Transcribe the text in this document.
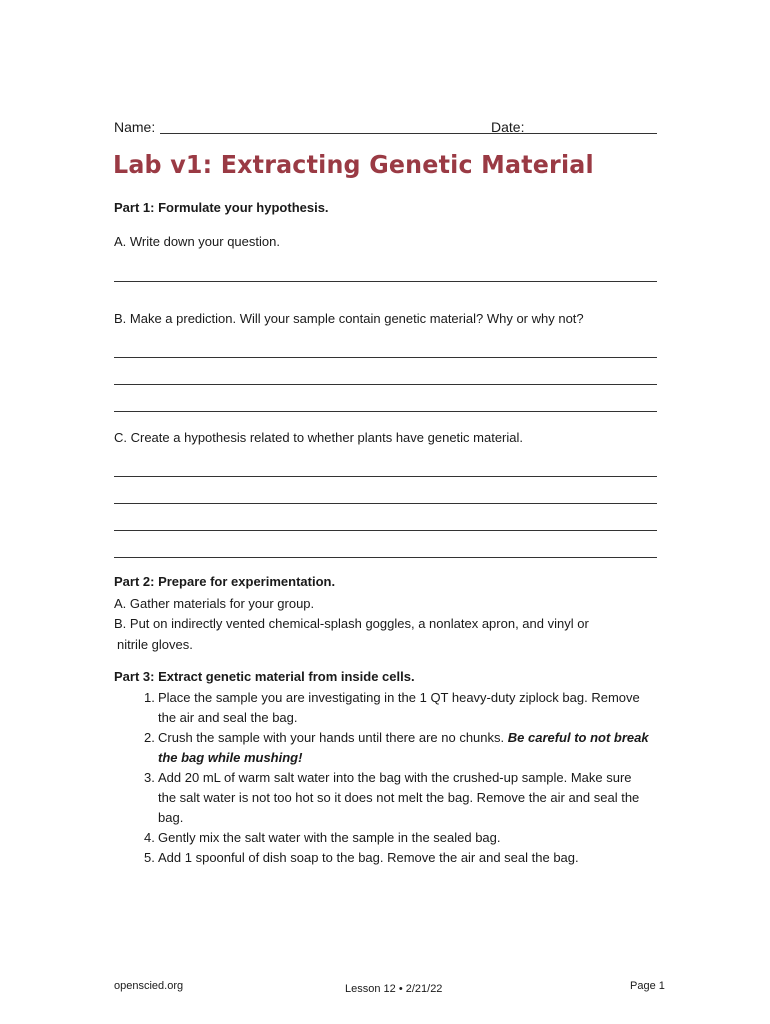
Name:	Date:
Lab v1: Extracting Genetic Material
Part 1: Formulate your hypothesis.
A. Write down your question.
B. Make a prediction. Will your sample contain genetic material? Why or why not?
C. Create a hypothesis related to whether plants have genetic material.
Part 2: Prepare for experimentation.
A. Gather materials for your group.
B. Put on indirectly vented chemical-splash goggles, a nonlatex apron, and vinyl or
nitrile gloves.
Part 3: Extract genetic material from inside cells.
1. Place the sample you are investigating in the 1 QT heavy-duty ziplock bag. Remove
the air and seal the bag.
2. Crush the sample with your hands until there are no chunks. Be careful to not break
the bag while mushing!
3. Add 20 mL of warm salt water into the bag with the crushed-up sample. Make sure
the salt water is not too hot so it does not melt the bag. Remove the air and seal the
bag.
4. Gently mix the salt water with the sample in the sealed bag.
5. Add 1 spoonful of dish soap to the bag. Remove the air and seal the bag.
openscied.org	Lesson 12 • 2/21/22	Page 1
